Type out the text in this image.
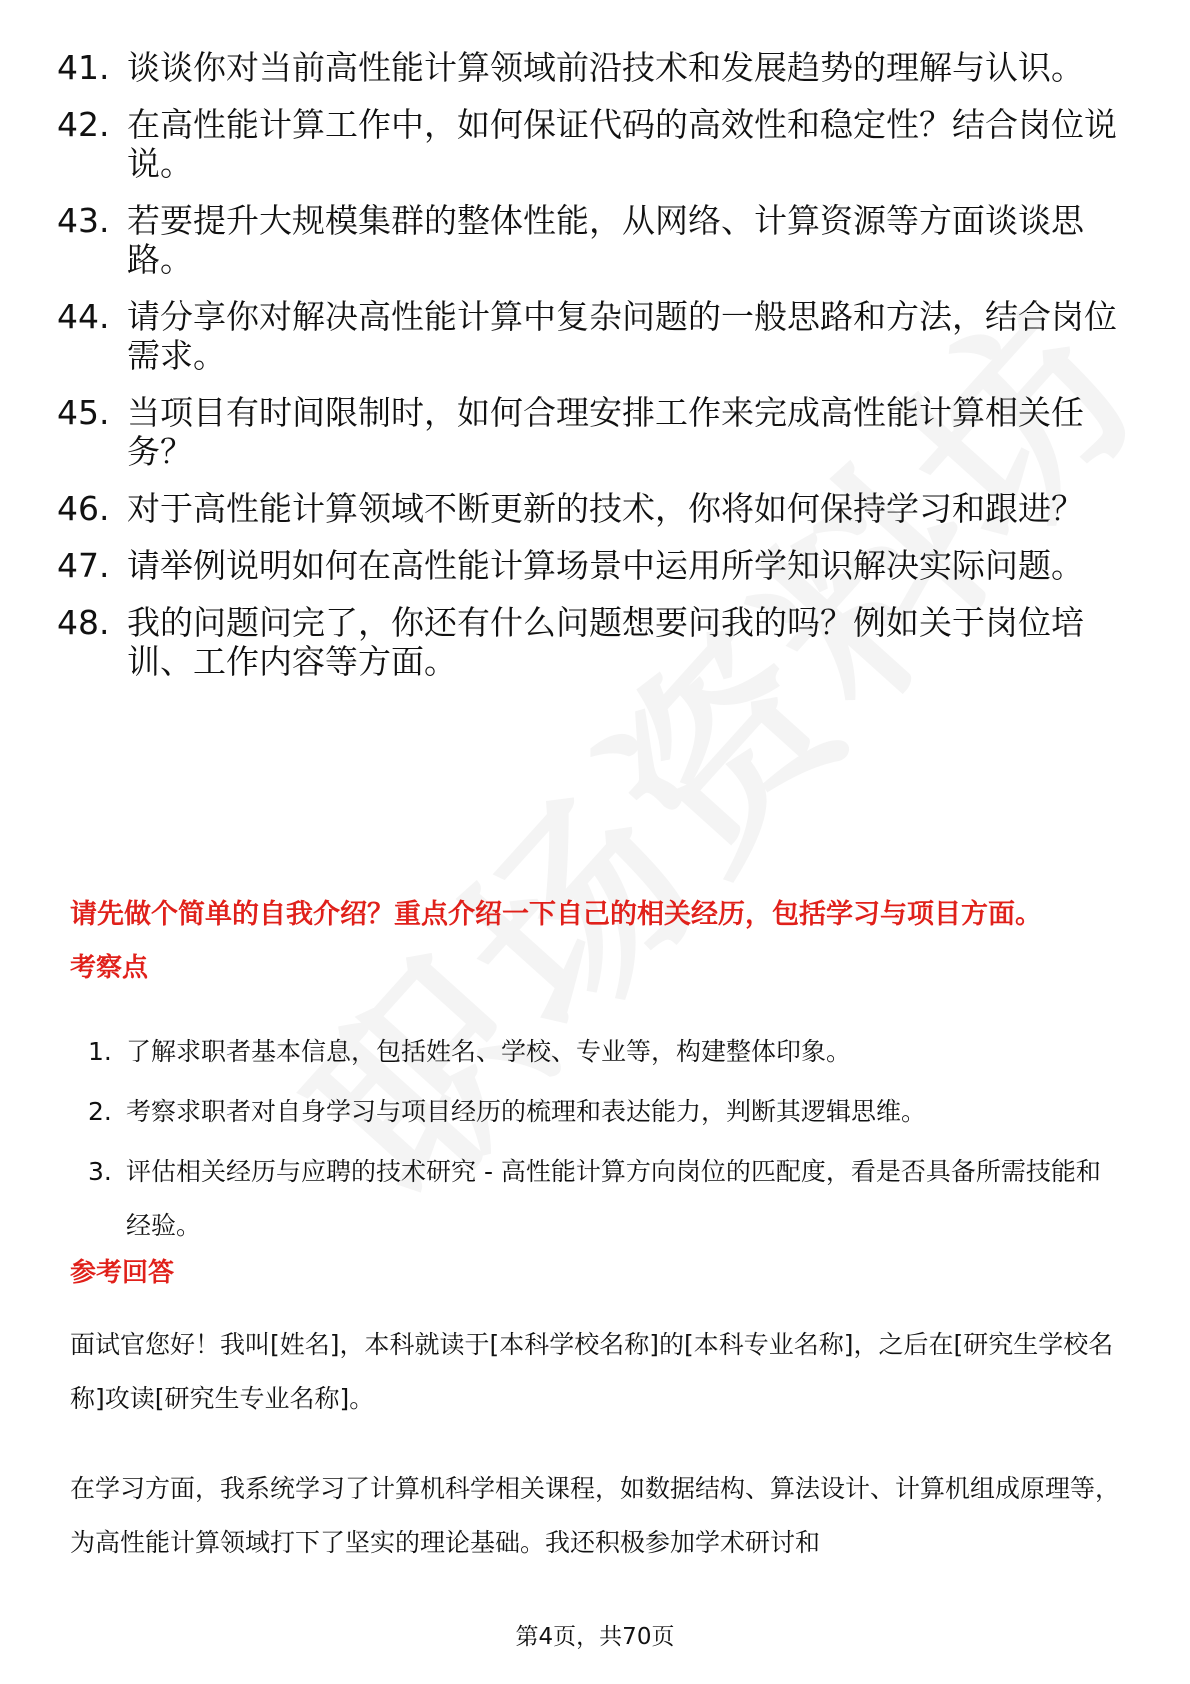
41. 谈谈你对当前高性能计算领域前沿技术和发展趋势的理解与认识。
42. 在高性能计算工作中，如何保证代码的高效性和稳定性？结合岗位说说。
43. 若要提升大规模集群的整体性能，从网络、计算资源等方面谈谈思路。
44. 请分享你对解决高性能计算中复杂问题的一般思路和方法，结合岗位需求。
45. 当项目有时间限制时，如何合理安排工作来完成高性能计算相关任务？
46. 对于高性能计算领域不断更新的技术，你将如何保持学习和跟进？
47. 请举例说明如何在高性能计算场景中运用所学知识解决实际问题。
48. 我的问题问完了，你还有什么问题想要问我的吗？例如关于岗位培训、工作内容等方面。
请先做个简单的自我介绍？重点介绍一下自己的相关经历，包括学习与项目方面。
考察点
1. 了解求职者基本信息，包括姓名、学校、专业等，构建整体印象。
2. 考察求职者对自身学习与项目经历的梳理和表达能力，判断其逻辑思维。
3. 评估相关经历与应聘的技术研究 - 高性能计算方向岗位的匹配度，看是否具备所需技能和经验。
参考回答
面试官您好！我叫[姓名]，本科就读于[本科学校名称]的[本科专业名称]，之后在[研究生学校名称]攻读[研究生专业名称]。
在学习方面，我系统学习了计算机科学相关课程，如数据结构、算法设计、计算机组成原理等，为高性能计算领域打下了坚实的理论基础。我还积极参加学术研讨和
第4页，共70页
